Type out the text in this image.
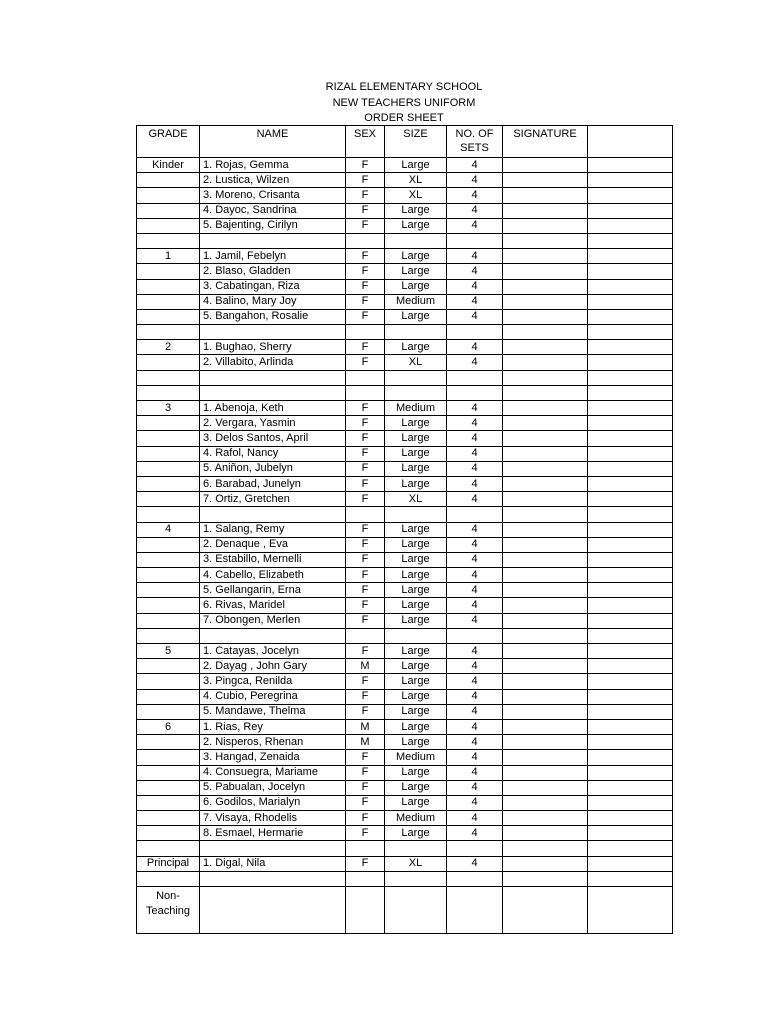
RIZAL ELEMENTARY SCHOOL
NEW TEACHERS UNIFORM
ORDER SHEET
GRADE	NAME	SEX	SIZE	NO. OF SETS	SIGNATURE	
Kinder	1. Rojas, Gemma	F	Large	4		
	2. Lustica, Wilzen	F	XL	4		
	3. Moreno, Crisanta	F	XL	4		
	4. Dayoc, Sandrina	F	Large	4		
	5. Bajenting, Cirilyn	F	Large	4		

1	1. Jamil, Febelyn	F	Large	4		
	2. Blaso, Gladden	F	Large	4		
	3. Cabatingan, Riza	F	Large	4		
	4. Balino, Mary Joy	F	Medium	4		
	5. Bangahon, Rosalie	F	Large	4		

2	1. Bughao, Sherry	F	Large	4		
	2. Villabito, Arlinda	F	XL	4		

3	1. Abenoja, Keth	F	Medium	4		
	2. Vergara, Yasmin	F	Large	4		
	3. Delos Santos, April	F	Large	4		
	4. Rafol, Nancy	F	Large	4		
	5. Aniñon, Jubelyn	F	Large	4		
	6. Barabad, Junelyn	F	Large	4		
	7. Ortiz, Gretchen	F	XL	4		

4	1. Salang, Remy	F	Large	4		
	2. Denaque , Eva	F	Large	4		
	3. Estabillo, Mernelli	F	Large	4		
	4. Cabello, Elizabeth	F	Large	4		
	5. Gellangarin, Erna	F	Large	4		
	6. Rivas, Maridel	F	Large	4		
	7. Obongen, Merlen	F	Large	4		

5	1. Catayas, Jocelyn	F	Large	4		
	2. Dayag , John Gary	M	Large	4		
	3. Pingca, Renilda	F	Large	4		
	4. Cubio, Peregrina	F	Large	4		
	5. Mandawe, Thelma	F	Large	4		
6	1. Rias, Rey	M	Large	4		
	2. Nisperos, Rhenan	M	Large	4		
	3. Hangad, Zenaida	F	Medium	4		
	4. Consuegra, Mariame	F	Large	4		
	5. Pabualan, Jocelyn	F	Large	4		
	6. Godilos, Marialyn	F	Large	4		
	7. Visaya, Rhodelis	F	Medium	4		
	8. Esmael, Hermarie	F	Large	4		

Principal	1. Digal, Nila	F	XL	4		

Non-Teaching						
